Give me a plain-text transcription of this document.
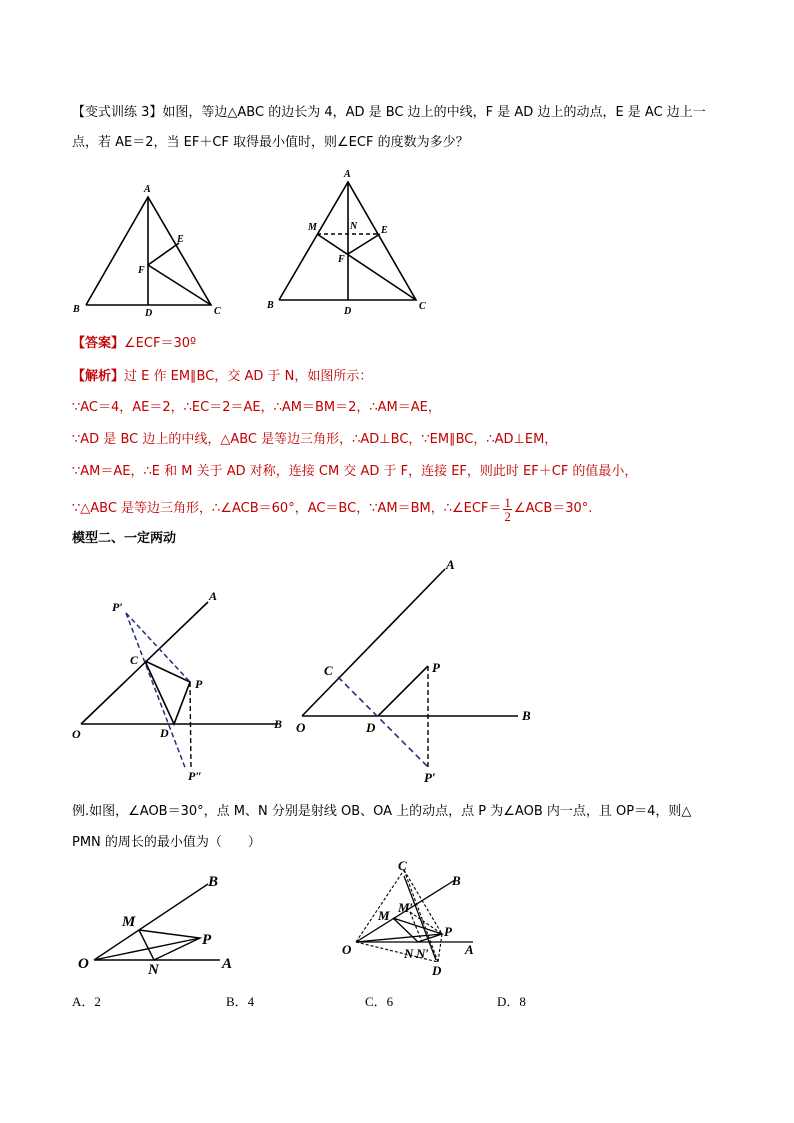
【变式训练 3】如图，等边△ABC 的边长为 4，AD 是 BC 边上的中线，F 是 AD 边上的动点，E 是 AC 边上一
点，若 AE＝2，当 EF＋CF 取得最小值时，则∠ECF 的度数为多少？
A
B	C
D
E
F
A
B	C
D
E
F
M	N
【答案】∠ECF＝30º
【解析】过 E 作 EM∥BC，交 AD 于 N，如图所示：
∵AC＝4，AE＝2，∴EC＝2＝AE，∴AM＝BM＝2，∴AM＝AE，
∵AD 是 BC 边上的中线，△ABC 是等边三角形，∴AD⊥BC，∵EM∥BC，∴AD⊥EM，
∵AM＝AE，∴E 和 M 关于 AD 对称，连接 CM 交 AD 于 F，连接 EF，则此时 EF＋CF 的值最小，
∵△ABC 是等边三角形，∴∠ACB＝60°，AC＝BC，∵AM＝BM，∴∠ECF＝ $\frac{1}{2}$ ∠ACB＝30°.
模型二、一定两动
P′
A
B
C
D
O
P
P″
A
B
C
D
O
P
P′
例.如图，∠AOB＝30°，点 M、N 分别是射线 OB、OA 上的动点，点 P 为∠AOB 内一点，且 OP＝4，则△
PMN 的周长的最小值为（　　）
B
M
P
O	N	A
C
B
M
M′
P
O	N N′	A
D
A．2	B．4	C．6	D．8
